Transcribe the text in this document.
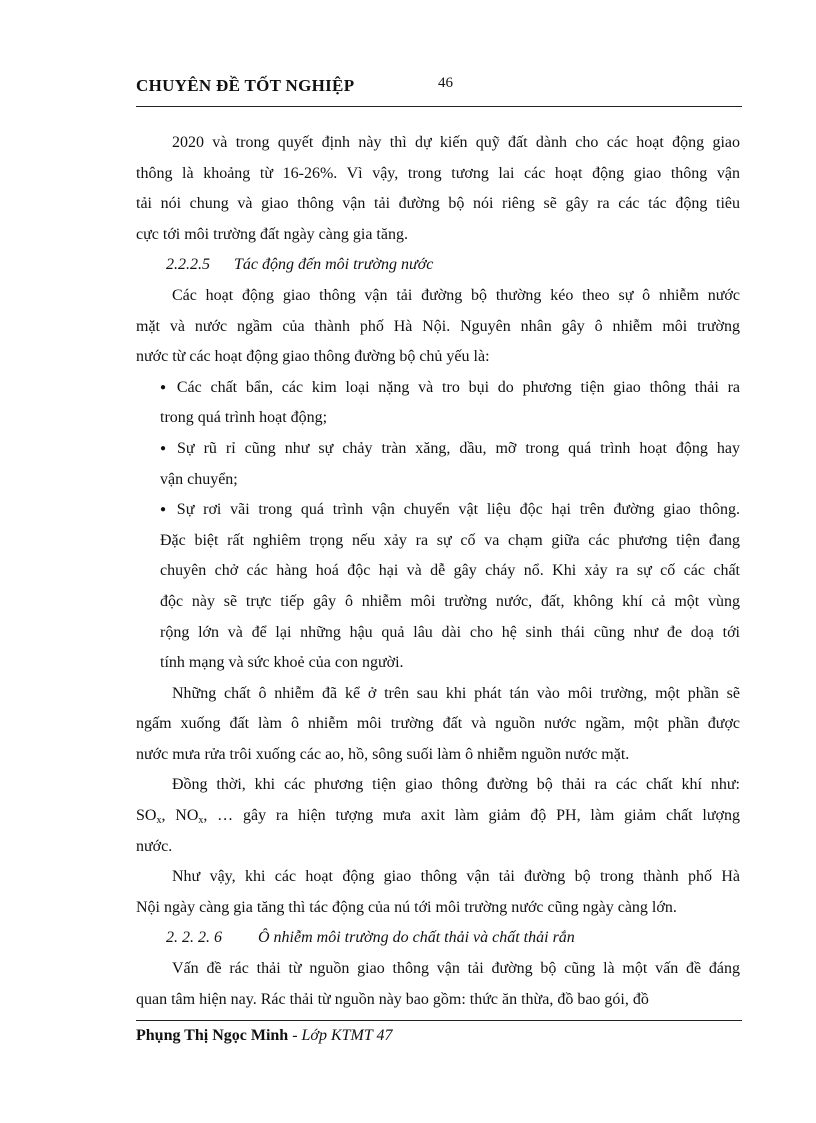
CHUYÊN ĐỀ TỐT NGHIỆP	46
2020 và trong quyết định này thì dự kiến quỹ đất dành cho các hoạt động giao
thông là khoảng từ 16-26%. Vì vậy, trong tương lai các hoạt động giao thông vận
tải nói chung và giao thông vận tải đường bộ nói riêng sẽ gây ra các tác động tiêu
cực tới môi trường đất ngày càng gia tăng.
2.2.2.5 Tác động đến môi trường nước
Các hoạt động giao thông vận tải đường bộ thường kéo theo sự ô nhiễm nước
mặt và nước ngầm của thành phố Hà Nội. Nguyên nhân gây ô nhiễm môi trường
nước từ các hoạt động giao thông đường bộ chủ yếu là:
● Các chất bẩn, các kim loại nặng và tro bụi do phương tiện giao thông thải ra
trong quá trình hoạt động;
● Sự rũ rỉ cũng như sự chảy tràn xăng, dầu, mỡ trong quá trình hoạt động hay
vận chuyển;
● Sự rơi vãi trong quá trình vận chuyển vật liệu độc hại trên đường giao thông.
Đặc biệt rất nghiêm trọng nếu xảy ra sự cố va chạm giữa các phương tiện đang
chuyên chở các hàng hoá độc hại và dễ gây cháy nổ. Khi xảy ra sự cố các chất
độc này sẽ trực tiếp gây ô nhiễm môi trường nước, đất, không khí cả một vùng
rộng lớn và để lại những hậu quả lâu dài cho hệ sinh thái cũng như đe doạ tới
tính mạng và sức khoẻ của con người.
Những chất ô nhiễm đã kể ở trên sau khi phát tán vào môi trường, một phần sẽ
ngấm xuống đất làm ô nhiễm môi trường đất và nguồn nước ngầm, một phần được
nước mưa rửa trôi xuống các ao, hồ, sông suối làm ô nhiễm nguồn nước mặt.
Đồng thời, khi các phương tiện giao thông đường bộ thải ra các chất khí như:
$SO_x$, $NO_x$, … gây ra hiện tượng mưa axit làm giảm độ PH, làm giảm chất lượng
nước.
Như vậy, khi các hoạt động giao thông vận tải đường bộ trong thành phố Hà
Nội ngày càng gia tăng thì tác động của nú tới môi trường nước cũng ngày càng lớn.
2. 2. 2. 6 Ô nhiễm môi trường do chất thải và chất thải rắn
Vấn đề rác thải từ nguồn giao thông vận tải đường bộ cũng là một vấn đề đáng
quan tâm hiện nay. Rác thải từ nguồn này bao gồm: thức ăn thừa, đồ bao gói, đồ
Phụng Thị Ngọc Minh - Lớp KTMT 47
